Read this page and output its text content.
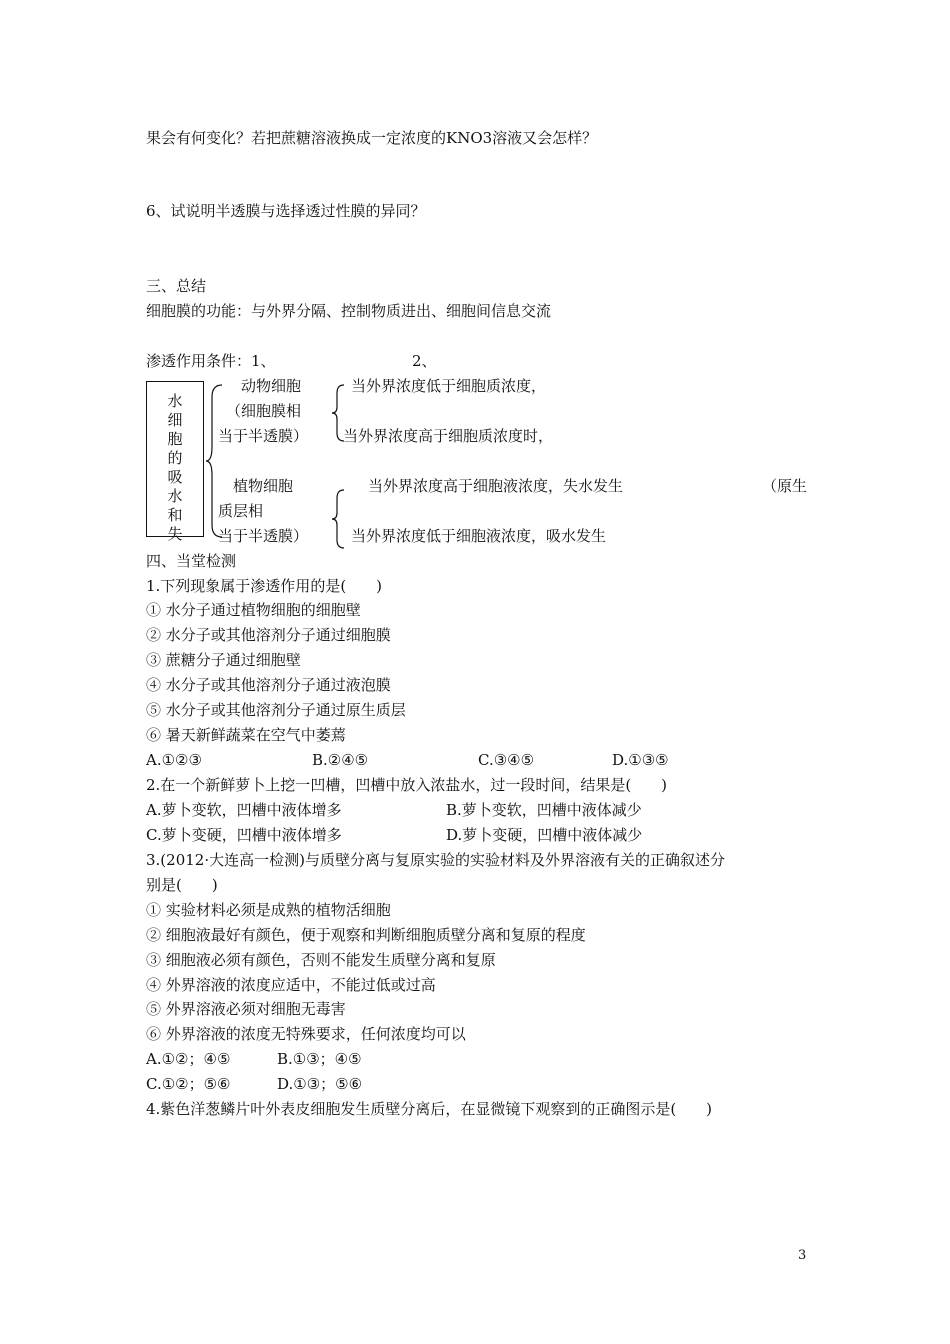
果会有何变化？若把蔗糖溶液换成一定浓度的KNO3溶液又会怎样？
6、试说明半透膜与选择透过性膜的异同？
三、总结
细胞膜的功能：与外界分隔、控制物质进出、细胞间信息交流
渗透作用条件：1、	2、
水
细
胞
的
吸
水
和
失
动物细胞
（细胞膜相
当于半透膜）
当外界浓度低于细胞质浓度，
当外界浓度高于细胞质浓度时，
植物细胞
质层相
当于半透膜）
当外界浓度高于细胞液浓度，失水发生	（原生
当外界浓度低于细胞液浓度，吸水发生
四、当堂检测
1.下列现象属于渗透作用的是(　　)
① 水分子通过植物细胞的细胞壁
② 水分子或其他溶剂分子通过细胞膜
③ 蔗糖分子通过细胞壁
④ 水分子或其他溶剂分子通过液泡膜
⑤ 水分子或其他溶剂分子通过原生质层
⑥ 暑天新鲜蔬菜在空气中萎蔫
A.①②③	B.②④⑤	C.③④⑤	D.①③⑤
2.在一个新鲜萝卜上挖一凹槽，凹槽中放入浓盐水，过一段时间，结果是(　　)
A.萝卜变软，凹槽中液体增多	B.萝卜变软，凹槽中液体减少
C.萝卜变硬，凹槽中液体增多	D.萝卜变硬，凹槽中液体减少
3.(2012·大连高一检测)与质壁分离与复原实验的实验材料及外界溶液有关的正确叙述分
别是(　　)
① 实验材料必须是成熟的植物活细胞
② 细胞液最好有颜色，便于观察和判断细胞质壁分离和复原的程度
③ 细胞液必须有颜色，否则不能发生质壁分离和复原
④ 外界溶液的浓度应适中，不能过低或过高
⑤ 外界溶液必须对细胞无毒害
⑥ 外界溶液的浓度无特殊要求，任何浓度均可以
A.①②；④⑤	B.①③；④⑤
C.①②；⑤⑥	D.①③；⑤⑥
4.紫色洋葱鳞片叶外表皮细胞发生质壁分离后，在显微镜下观察到的正确图示是(　　)
3
